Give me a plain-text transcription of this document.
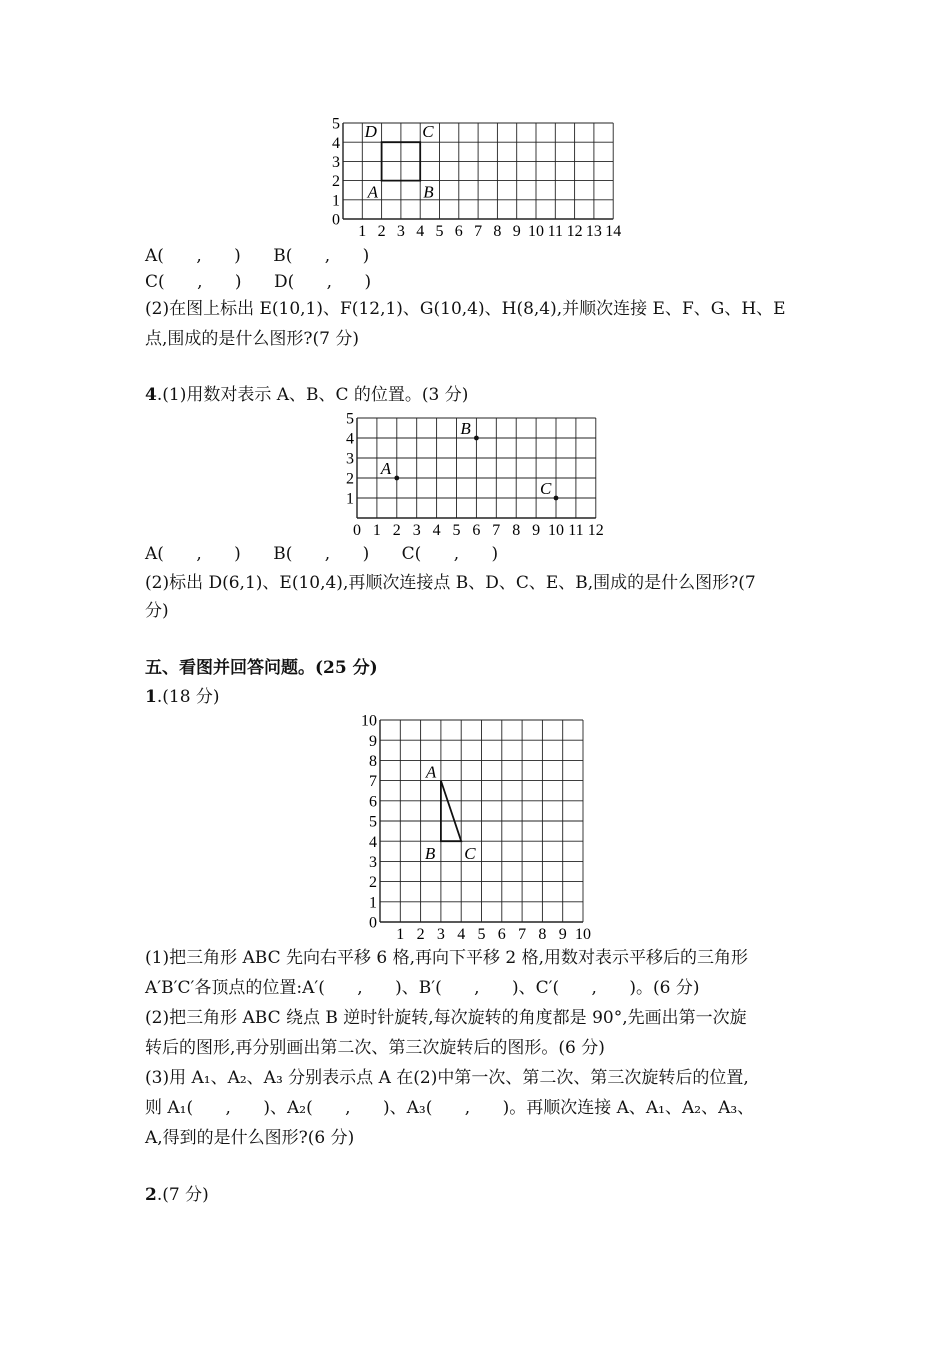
1 2 3 4 5 6 7 8 9 10 11 12 13 14
0
1
2
3
4
5 D	C
A	B
A(      ,      )      B(      ,      )
C(      ,      )      D(      ,      )
(2)在图上标出 E(10,1)、F(12,1)、G(10,4)、H(8,4),并顺次连接 E、F、G、H、E
点,围成的是什么图形?(7 分)
4.(1)用数对表示 A、B、C 的位置。(3 分)
0 1 2 3 4 5 6 7 8 9 10 11 12
1
2
3
4
5
A
B
C
A(      ,      )      B(      ,      )      C(      ,      )
(2)标出 D(6,1)、E(10,4),再顺次连接点 B、D、C、E、B,围成的是什么图形?(7
分)
五、看图并回答问题。(25 分)
1.(18 分)
1 2 3 4 5 6 7 8 9 10
0
1
2
3
4
5
6
7
8
9
10
A
B C
(1)把三角形 ABC 先向右平移 6 格,再向下平移 2 格,用数对表示平移后的三角形
A′B′C′各顶点的位置:A′(      ,      )、B′(      ,      )、C′(      ,      )。(6 分)
(2)把三角形 ABC 绕点 B 逆时针旋转,每次旋转的角度都是 90°,先画出第一次旋
转后的图形,再分别画出第二次、第三次旋转后的图形。(6 分)
(3)用 A₁、A₂、A₃ 分别表示点 A 在(2)中第一次、第二次、第三次旋转后的位置,
则 A₁(      ,      )、A₂(      ,      )、A₃(      ,      )。再顺次连接 A、A₁、A₂、A₃、
A,得到的是什么图形?(6 分)
2.(7 分)
